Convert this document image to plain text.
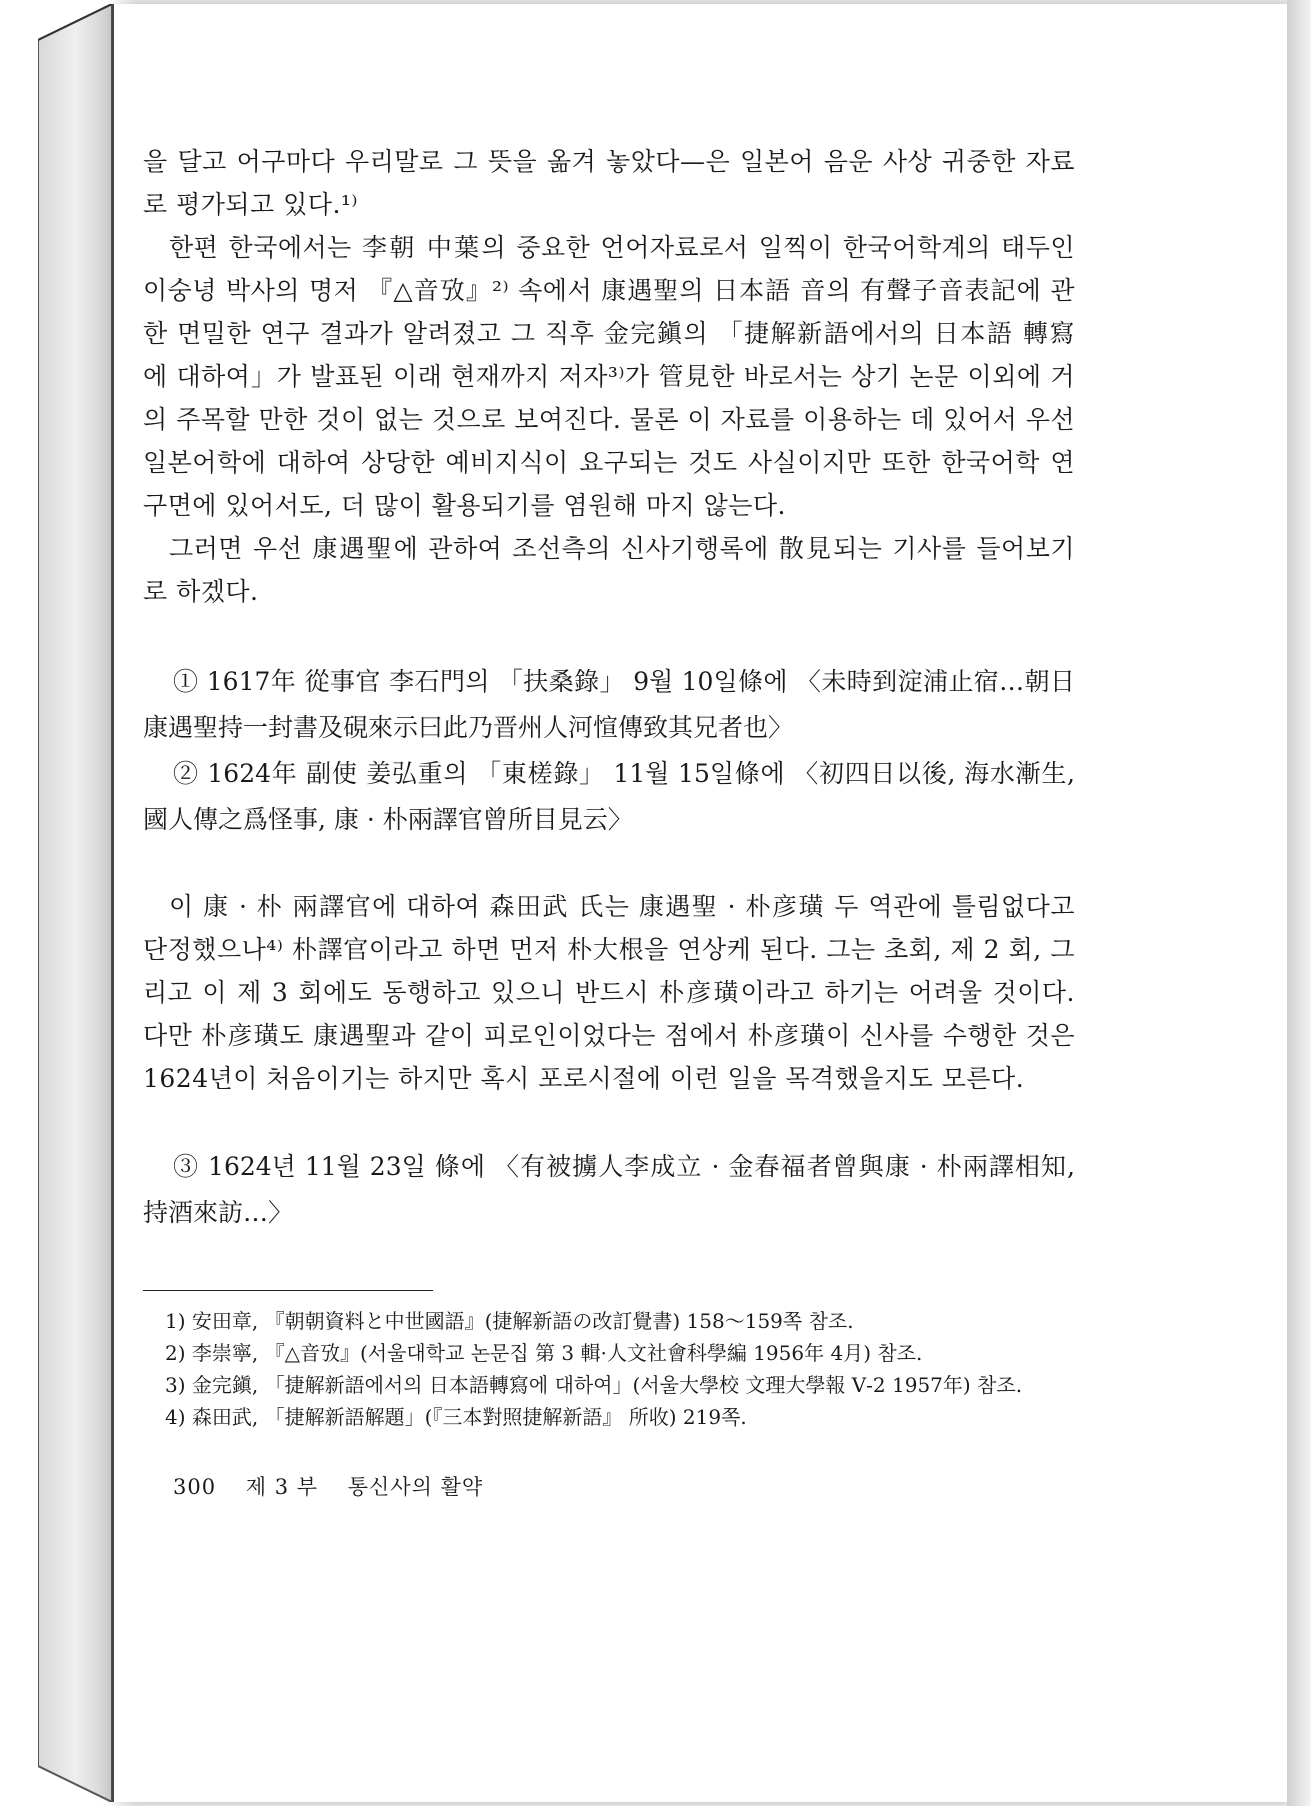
을 달고 어구마다 우리말로 그 뜻을 옮겨 놓았다—은 일본어 음운 사상 귀중한 자료로 평가되고 있다.¹⁾

한편 한국에서는 李朝 中葉의 중요한 언어자료로서 일찍이 한국어학계의 태두인 이숭녕 박사의 명저 『△音攷』²⁾ 속에서 康遇聖의 日本語 音의 有聲子音表記에 관한 면밀한 연구 결과가 알려졌고 그 직후 金完鎭의 「捷解新語에서의 日本語 轉寫에 대하여」가 발표된 이래 현재까지 저자³⁾가 管見한 바로서는 상기 논문 이외에 거의 주목할 만한 것이 없는 것으로 보여진다. 물론 이 자료를 이용하는 데 있어서 우선 일본어학에 대하여 상당한 예비지식이 요구되는 것도 사실이지만 또한 한국어학 연구면에 있어서도, 더 많이 활용되기를 염원해 마지 않는다.

그러면 우선 康遇聖에 관하여 조선측의 신사기행록에 散見되는 기사를 들어보기로 하겠다.

① 1617年 從事官 李石門의 「扶桑錄」 9월 10일條에 〈未時到淀浦止宿…朝日康遇聖持一封書及硯來示曰此乃晋州人河愃傳致其兄者也〉

② 1624年 副使 姜弘重의 「東槎錄」 11월 15일條에 〈初四日以後, 海水漸生, 國人傳之爲怪事, 康 · 朴兩譯官曾所目見云〉

이 康 · 朴 兩譯官에 대하여 森田武 氏는 康遇聖 · 朴彦璜 두 역관에 틀림없다고 단정했으나⁴⁾ 朴譯官이라고 하면 먼저 朴大根을 연상케 된다. 그는 초회, 제 2 회, 그리고 이 제 3 회에도 동행하고 있으니 반드시 朴彦璜이라고 하기는 어려울 것이다. 다만 朴彦璜도 康遇聖과 같이 피로인이었다는 점에서 朴彦璜이 신사를 수행한 것은 1624년이 처음이기는 하지만 혹시 포로시절에 이런 일을 목격했을지도 모른다.

③ 1624년 11월 23일 條에 〈有被擄人李成立 · 金春福者曾與康 · 朴兩譯相知, 持酒來訪…〉

1) 安田章, 『朝朝資料と中世國語』(捷解新語の改訂覺書) 158～159쪽 참조.

2) 李崇寧, 『△音攷』(서울대학교 논문집 第 3 輯·人文社會科學編 1956年 4月) 참조.

3) 金完鎭, 「捷解新語에서의 日本語轉寫에 대하여」(서울大學校 文理大學報 Ⅴ-2 1957年) 참조.

4) 森田武, 「捷解新語解題」(『三本對照捷解新語』 所收) 219쪽.

300 제 3 부 통신사의 활약
